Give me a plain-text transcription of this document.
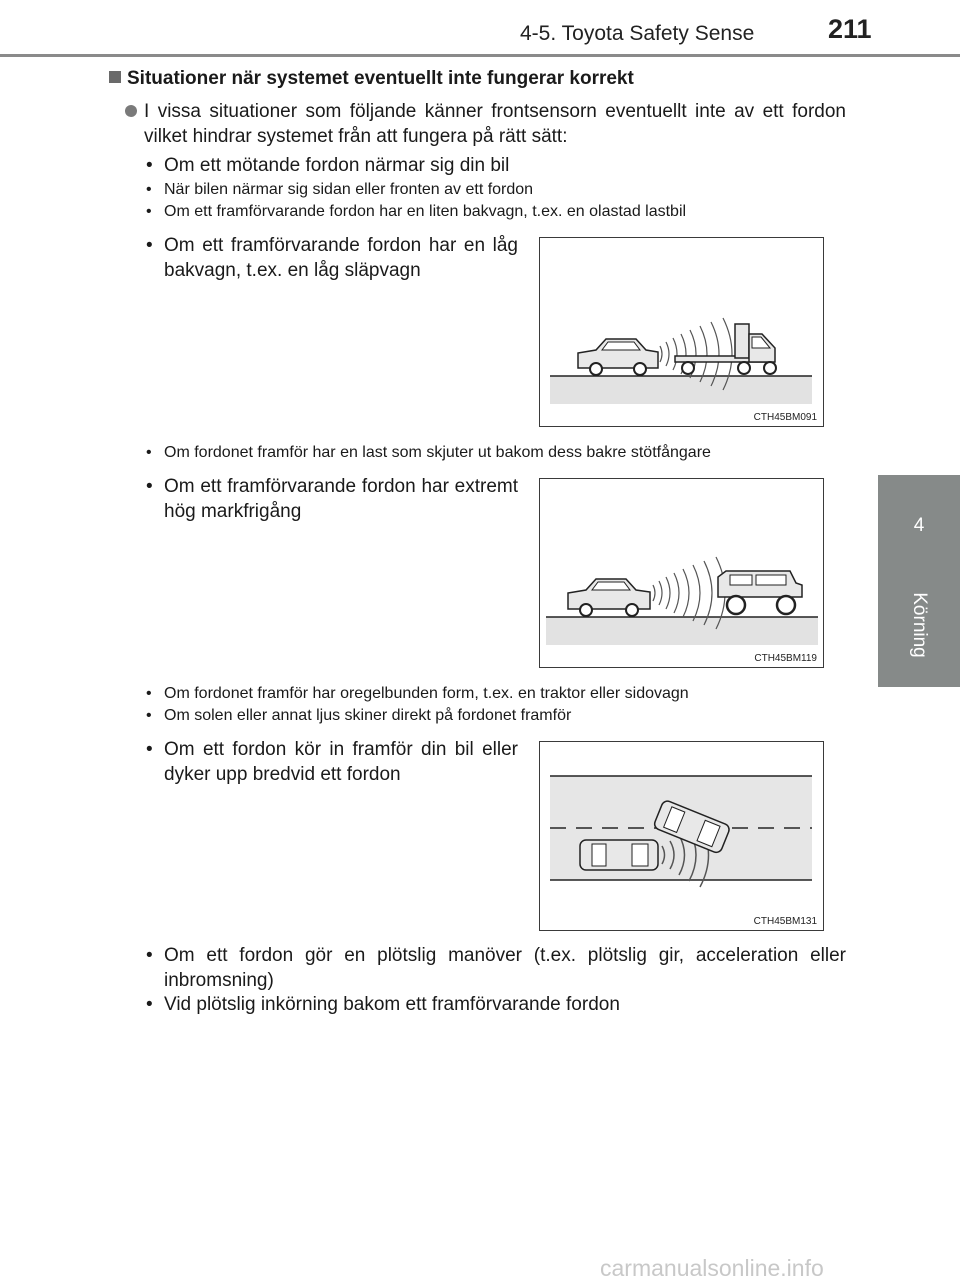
4-5. Toyota Safety Sense	211
4
Körning
Situationer när systemet eventuellt inte fungerar korrekt
I vissa situationer som följande känner frontsensorn eventuellt inte av ett fordon vilket hindrar systemet från att fungera på rätt sätt:
• Om ett mötande fordon närmar sig din bil
• När bilen närmar sig sidan eller fronten av ett fordon
• Om ett framförvarande fordon har en liten bakvagn, t.ex. en olastad lastbil
• Om ett framförvarande fordon har en låg bakvagn, t.ex. en låg släpvagn
CTH45BM091
• Om fordonet framför har en last som skjuter ut bakom dess bakre stötfångare
• Om ett framförvarande fordon har extremt hög markfrigång
CTH45BM119
• Om fordonet framför har oregelbunden form, t.ex. en traktor eller sidovagn
• Om solen eller annat ljus skiner direkt på fordonet framför
• Om ett fordon kör in framför din bil eller dyker upp bredvid ett fordon
CTH45BM131
• Om ett fordon gör en plötslig manöver (t.ex. plötslig gir, acceleration eller inbromsning)
• Vid plötslig inkörning bakom ett framförvarande fordon
carmanualsonline.info
